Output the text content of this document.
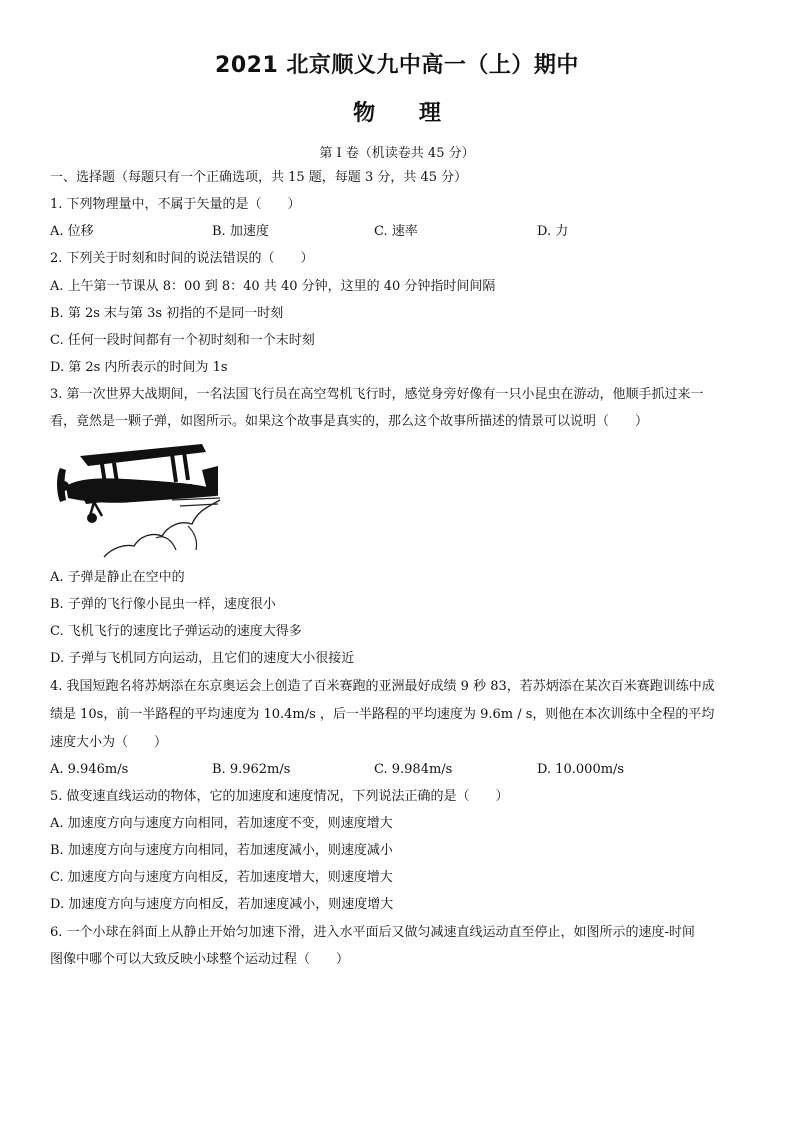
2021 北京顺义九中高一（上）期中
物 理
第 I 卷（机读卷共 45 分）
一、选择题（每题只有一个正确选项，共 15 题，每题 3 分，共 45 分）
1. 下列物理量中，不属于矢量的是（　　）
A. 位移	B. 加速度	C. 速率	D. 力
2. 下列关于时刻和时间的说法错误的（　　）
A. 上午第一节课从 8：00 到 8：40 共 40 分钟，这里的 40 分钟指时间间隔
B. 第 2s 末与第 3s 初指的不是同一时刻
C. 任何一段时间都有一个初时刻和一个末时刻
D. 第 2s 内所表示的时间为 1s
3. 第一次世界大战期间，一名法国飞行员在高空驾机飞行时，感觉身旁好像有一只小昆虫在游动，他顺手抓过来一
看，竟然是一颗子弹，如图所示。如果这个故事是真实的，那么这个故事所描述的情景可以说明（　　）
A. 子弹是静止在空中的
B. 子弹的飞行像小昆虫一样，速度很小
C. 飞机飞行的速度比子弹运动的速度大得多
D. 子弹与飞机同方向运动，且它们的速度大小很接近
4. 我国短跑名将苏炳添在东京奥运会上创造了百米赛跑的亚洲最好成绩 9 秒 83，若苏炳添在某次百米赛跑训练中成
绩是 10s，前一半路程的平均速度为 10.4m/s ，后一半路程的平均速度为 9.6m / s，则他在本次训练中全程的平均
速度大小为（　　）
A. 9.946m/s	B. 9.962m/s	C. 9.984m/s	D. 10.000m/s
5. 做变速直线运动的物体，它的加速度和速度情况，下列说法正确的是（　　）
A. 加速度方向与速度方向相同，若加速度不变，则速度增大
B. 加速度方向与速度方向相同，若加速度减小，则速度减小
C. 加速度方向与速度方向相反，若加速度增大，则速度增大
D. 加速度方向与速度方向相反，若加速度减小，则速度增大
6. 一个小球在斜面上从静止开始匀加速下滑，进入水平面后又做匀减速直线运动直至停止，如图所示的速度-时间
图像中哪个可以大致反映小球整个运动过程（　　）
